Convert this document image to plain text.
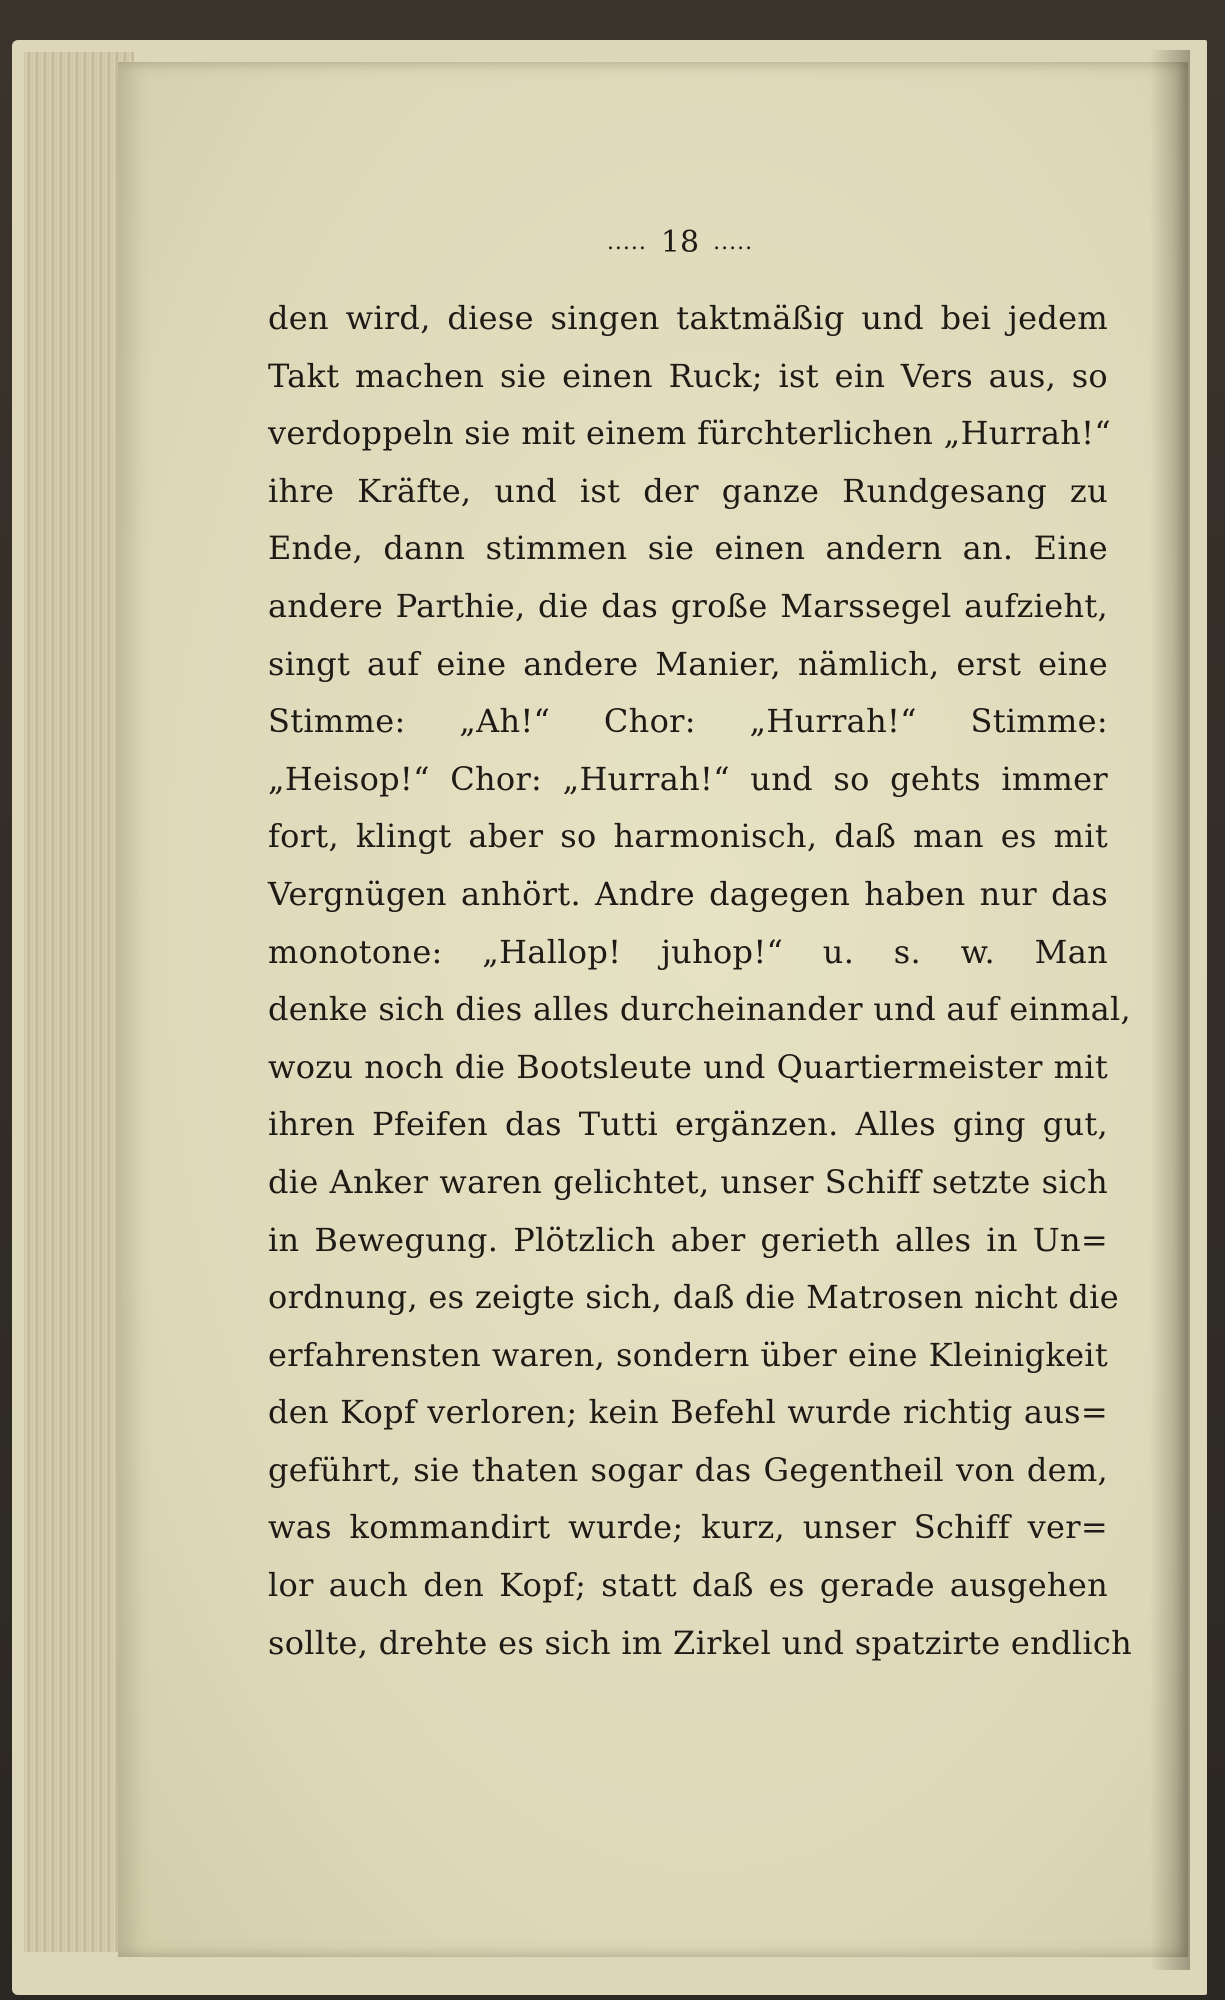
..... 18 .....
den wird, diese singen taktmäßig und bei jedem
Takt machen sie einen Ruck; ist ein Vers aus, so
verdoppeln sie mit einem fürchterlichen „Hurrah!“
ihre Kräfte, und ist der ganze Rundgesang zu
Ende, dann stimmen sie einen andern an. Eine
andere Parthie, die das große Marssegel aufzieht,
singt auf eine andere Manier, nämlich, erst eine
Stimme: „Ah!“ Chor: „Hurrah!“ Stimme:
„Heisop!“ Chor: „Hurrah!“ und so gehts immer
fort, klingt aber so harmonisch, daß man es mit
Vergnügen anhört. Andre dagegen haben nur das
monotone: „Hallop! juhop!“ u. s. w. Man
denke sich dies alles durcheinander und auf einmal,
wozu noch die Bootsleute und Quartiermeister mit
ihren Pfeifen das Tutti ergänzen. Alles ging gut,
die Anker waren gelichtet, unser Schiff setzte sich
in Bewegung. Plötzlich aber gerieth alles in Un=
ordnung, es zeigte sich, daß die Matrosen nicht die
erfahrensten waren, sondern über eine Kleinigkeit
den Kopf verloren; kein Befehl wurde richtig aus=
geführt, sie thaten sogar das Gegentheil von dem,
was kommandirt wurde; kurz, unser Schiff ver=
lor auch den Kopf; statt daß es gerade ausgehen
sollte, drehte es sich im Zirkel und spatzirte endlich
